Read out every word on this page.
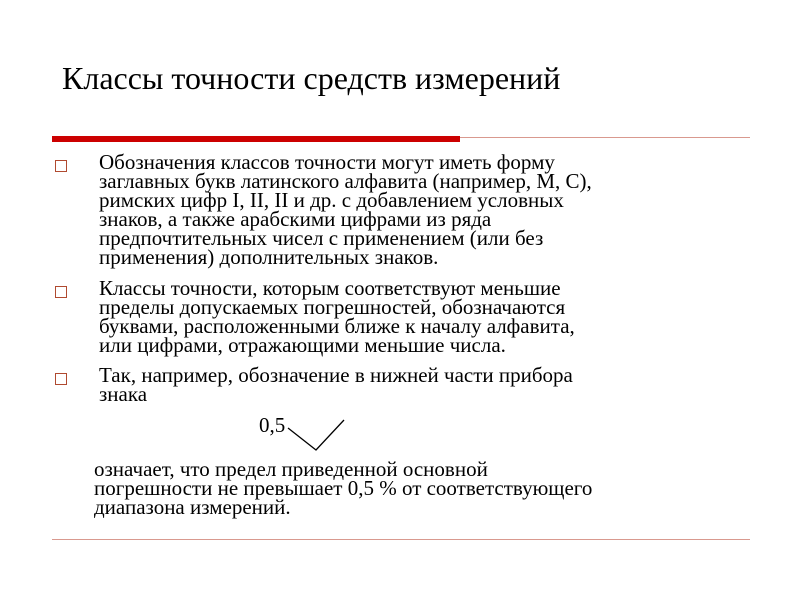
Классы точности средств измерений
Обозначения классов точности могут иметь форму
заглавных букв латинского алфавита (например, M, C),
римских цифр I, II, II и др. с добавлением условных
знаков, а также арабскими цифрами из ряда
предпочтительных чисел с применением (или без
применения) дополнительных знаков.
Классы точности, которым соответствуют меньшие
пределы допускаемых погрешностей, обозначаются
буквами, расположенными ближе к началу алфавита,
или цифрами, отражающими меньшие числа.
Так, например, обозначение в нижней части прибора
знака
0,5
означает, что предел приведенной основной
погрешности не превышает 0,5 % от соответствующего
диапазона измерений.
